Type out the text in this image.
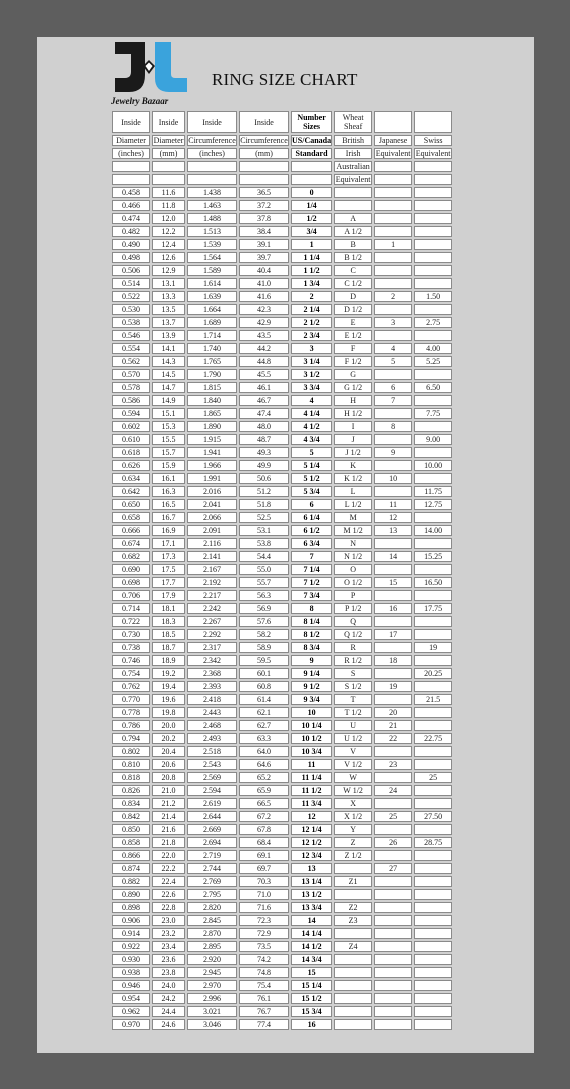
Jewelry Bazaar
RING SIZE CHART
Inside	Inside	Inside	Inside	Number Sizes	Wheat Sheaf		
Diameter	Diameter	Circumference	Circumference	US/Canada	British	Japanese	Swiss
(inches)	(mm)	(inches)	(mm)	Standard	Irish	Equivalent	Equivalent
					Australian		
					Equivalent		
0.458	11.6	1.438	36.5	0			
0.466	11.8	1.463	37.2	1/4			
0.474	12.0	1.488	37.8	1/2	A		
0.482	12.2	1.513	38.4	3/4	A 1/2		
0.490	12.4	1.539	39.1	1	B	1	
0.498	12.6	1.564	39.7	1 1/4	B 1/2		
0.506	12.9	1.589	40.4	1 1/2	C		
0.514	13.1	1.614	41.0	1 3/4	C 1/2		
0.522	13.3	1.639	41.6	2	D	2	1.50
0.530	13.5	1.664	42.3	2 1/4	D 1/2		
0.538	13.7	1.689	42.9	2 1/2	E	3	2.75
0.546	13.9	1.714	43.5	2 3/4	E 1/2		
0.554	14.1	1.740	44.2	3	F	4	4.00
0.562	14.3	1.765	44.8	3 1/4	F 1/2	5	5.25
0.570	14.5	1.790	45.5	3 1/2	G		
0.578	14.7	1.815	46.1	3 3/4	G 1/2	6	6.50
0.586	14.9	1.840	46.7	4	H	7	
0.594	15.1	1.865	47.4	4 1/4	H 1/2		7.75
0.602	15.3	1.890	48.0	4 1/2	I	8	
0.610	15.5	1.915	48.7	4 3/4	J		9.00
0.618	15.7	1.941	49.3	5	J 1/2	9	
0.626	15.9	1.966	49.9	5 1/4	K		10.00
0.634	16.1	1.991	50.6	5 1/2	K 1/2	10	
0.642	16.3	2.016	51.2	5 3/4	L		11.75
0.650	16.5	2.041	51.8	6	L 1/2	11	12.75
0.658	16.7	2.066	52.5	6 1/4	M	12	
0.666	16.9	2.091	53.1	6 1/2	M 1/2	13	14.00
0.674	17.1	2.116	53.8	6 3/4	N		
0.682	17.3	2.141	54.4	7	N 1/2	14	15.25
0.690	17.5	2.167	55.0	7 1/4	O		
0.698	17.7	2.192	55.7	7 1/2	O 1/2	15	16.50
0.706	17.9	2.217	56.3	7 3/4	P		
0.714	18.1	2.242	56.9	8	P 1/2	16	17.75
0.722	18.3	2.267	57.6	8 1/4	Q		
0.730	18.5	2.292	58.2	8 1/2	Q 1/2	17	
0.738	18.7	2.317	58.9	8 3/4	R		19
0.746	18.9	2.342	59.5	9	R 1/2	18	
0.754	19.2	2.368	60.1	9 1/4	S		20.25
0.762	19.4	2.393	60.8	9 1/2	S 1/2	19	
0.770	19.6	2.418	61.4	9 3/4	T		21.5
0.778	19.8	2.443	62.1	10	T 1/2	20	
0.786	20.0	2.468	62.7	10 1/4	U	21	
0.794	20.2	2.493	63.3	10 1/2	U 1/2	22	22.75
0.802	20.4	2.518	64.0	10 3/4	V		
0.810	20.6	2.543	64.6	11	V 1/2	23	
0.818	20.8	2.569	65.2	11 1/4	W		25
0.826	21.0	2.594	65.9	11 1/2	W 1/2	24	
0.834	21.2	2.619	66.5	11 3/4	X		
0.842	21.4	2.644	67.2	12	X 1/2	25	27.50
0.850	21.6	2.669	67.8	12 1/4	Y		
0.858	21.8	2.694	68.4	12 1/2	Z	26	28.75
0.866	22.0	2.719	69.1	12 3/4	Z 1/2		
0.874	22.2	2.744	69.7	13		27	
0.882	22.4	2.769	70.3	13 1/4	Z1		
0.890	22.6	2.795	71.0	13 1/2			
0.898	22.8	2.820	71.6	13 3/4	Z2		
0.906	23.0	2.845	72.3	14	Z3		
0.914	23.2	2.870	72.9	14 1/4			
0.922	23.4	2.895	73.5	14 1/2	Z4		
0.930	23.6	2.920	74.2	14 3/4			
0.938	23.8	2.945	74.8	15			
0.946	24.0	2.970	75.4	15 1/4			
0.954	24.2	2.996	76.1	15 1/2			
0.962	24.4	3.021	76.7	15 3/4			
0.970	24.6	3.046	77.4	16			
